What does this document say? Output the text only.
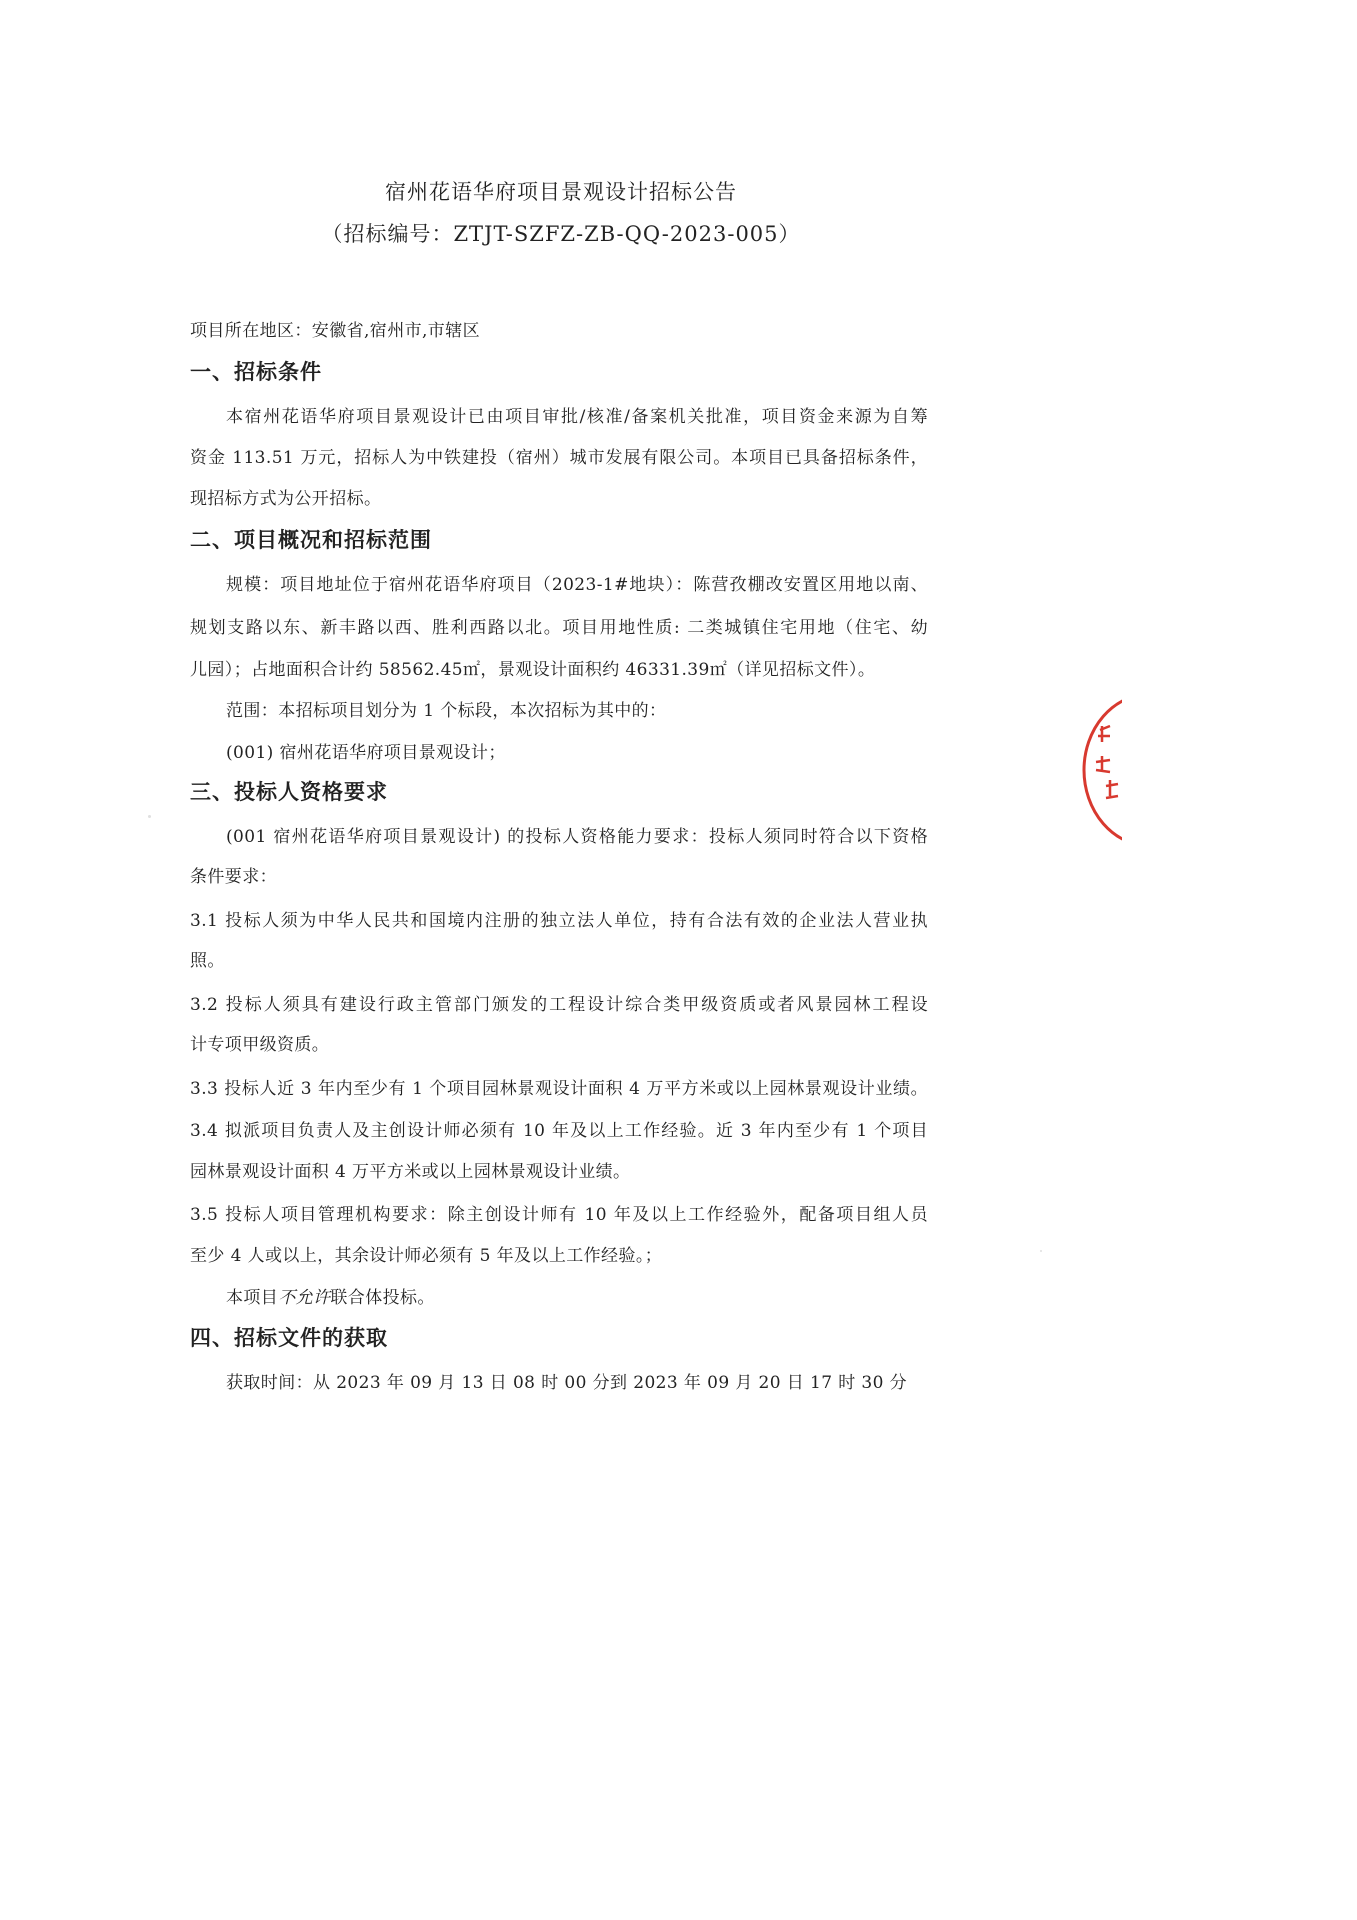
宿州花语华府项目景观设计招标公告
（招标编号：ZTJT-SZFZ-ZB-QQ-2023-005）
项目所在地区：安徽省,宿州市,市辖区
一、招标条件
本宿州花语华府项目景观设计已由项目审批/核准/备案机关批准，项目资金来源为自筹
资金 113.51 万元，招标人为中铁建投（宿州）城市发展有限公司。本项目已具备招标条件，
现招标方式为公开招标。
二、项目概况和招标范围
规模：项目地址位于宿州花语华府项目（2023-1#地块）：陈营孜棚改安置区用地以南、
规划支路以东、新丰路以西、胜利西路以北。项目用地性质: 二类城镇住宅用地（住宅、幼
儿园）；占地面积合计约 58562.45㎡，景观设计面积约 46331.39㎡（详见招标文件）。
范围：本招标项目划分为 1 个标段，本次招标为其中的：
(001) 宿州花语华府项目景观设计；
三、投标人资格要求
(001 宿州花语华府项目景观设计) 的投标人资格能力要求：投标人须同时符合以下资格
条件要求：
3.1 投标人须为中华人民共和国境内注册的独立法人单位，持有合法有效的企业法人营业执
照。
3.2 投标人须具有建设行政主管部门颁发的工程设计综合类甲级资质或者风景园林工程设
计专项甲级资质。
3.3 投标人近 3 年内至少有 1 个项目园林景观设计面积 4 万平方米或以上园林景观设计业绩。
3.4 拟派项目负责人及主创设计师必须有 10 年及以上工作经验。近 3 年内至少有 1 个项目
园林景观设计面积 4 万平方米或以上园林景观设计业绩。
3.5 投标人项目管理机构要求：除主创设计师有 10 年及以上工作经验外，配备项目组人员
至少 4 人或以上，其余设计师必须有 5 年及以上工作经验。；
本项目不允许联合体投标。
四、招标文件的获取
获取时间：从 2023 年 09 月 13 日 08 时 00 分到 2023 年 09 月 20 日 17 时 30 分
